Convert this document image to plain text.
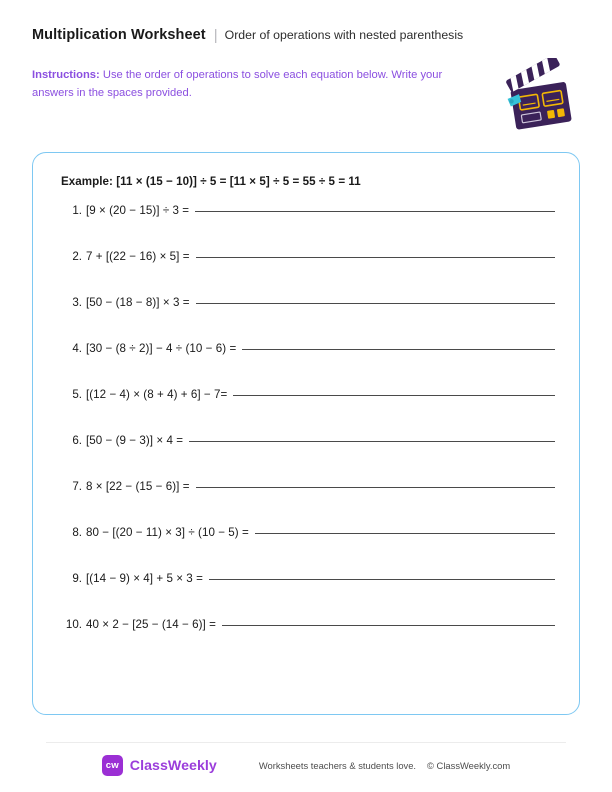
Multiplication Worksheet | Order of operations with nested parenthesis
Instructions: Use the order of operations to solve each equation below. Write your answers in the spaces provided.
Example: [11 × (15 − 10)] ÷ 5 = [11 × 5] ÷ 5 = 55 ÷ 5 = 11
1. [9 × (20 − 15)] ÷ 3 =
2. 7 + [(22 − 16) × 5] =
3. [50 − (18 − 8)] × 3 =
4. [30 − (8 ÷ 2)] − 4 ÷ (10 − 6) =
5. [(12 − 4) × (8 + 4) + 6] − 7=
6. [50 − (9 − 3)] × 4 =
7. 8 × [22 − (15 − 6)] =
8. 80 − [(20 − 11) × 3] ÷ (10 − 5) =
9. [(14 − 9) × 4] + 5 × 3 =
10. 40 × 2 − [25 − (14 − 6)] =
cw ClassWeekly	Worksheets teachers & students love. © ClassWeekly.com
